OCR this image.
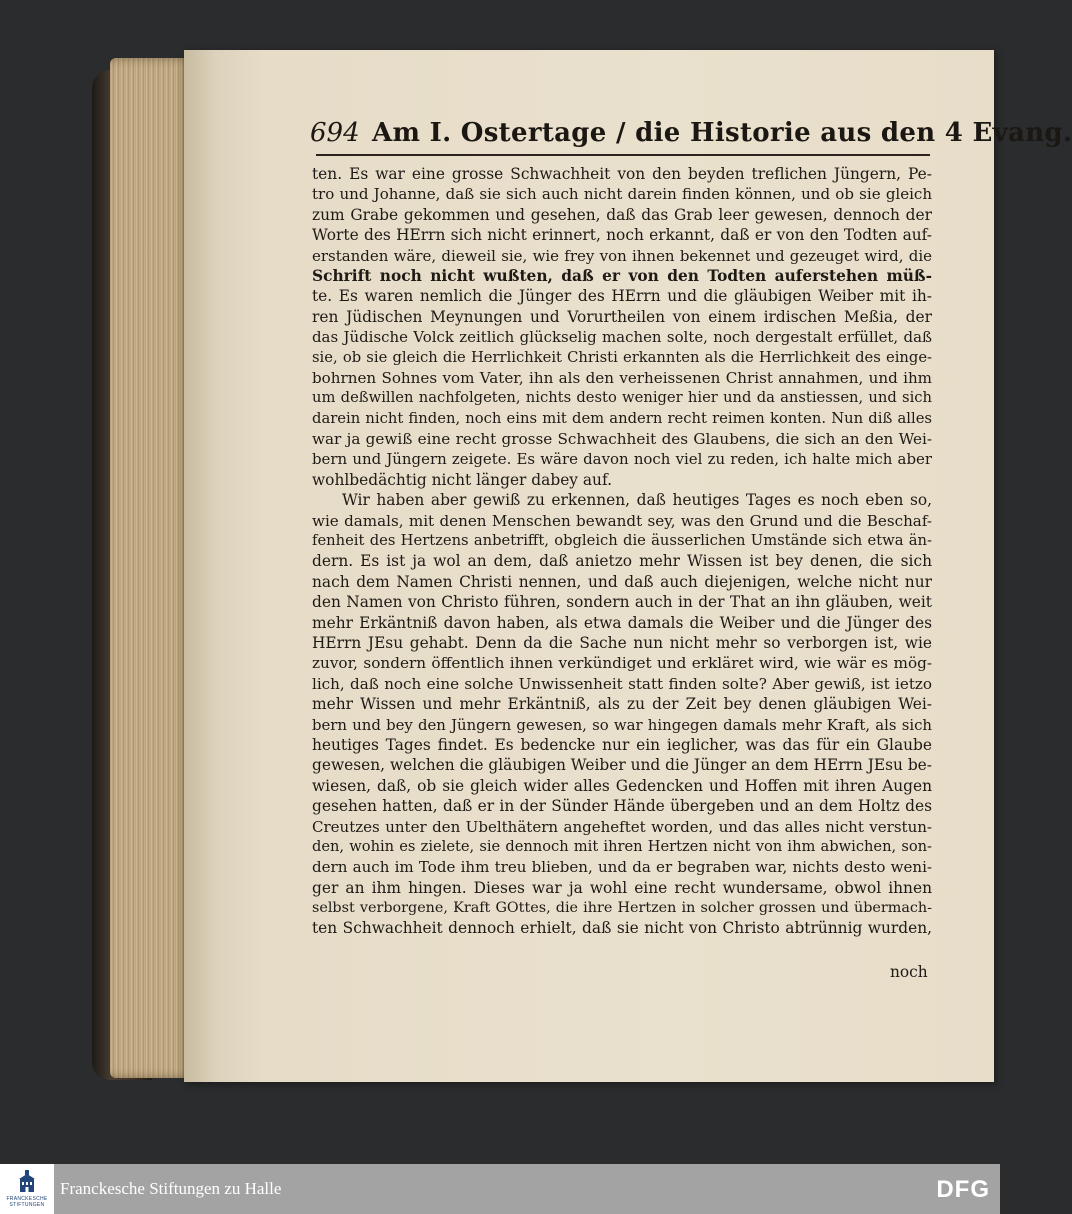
694 Am I. Ostertage / die Historie aus den 4 Evang.
ten. Es war eine grosse Schwachheit von den beyden treflichen Jüngern, Pe-
tro und Johanne, daß sie sich auch nicht darein finden können, und ob sie gleich
zum Grabe gekommen und gesehen, daß das Grab leer gewesen, dennoch der
Worte des HErrn sich nicht erinnert, noch erkannt, daß er von den Todten auf-
erstanden wäre, dieweil sie, wie frey von ihnen bekennet und gezeuget wird, die
Schrift noch nicht wußten, daß er von den Todten auferstehen müß-
te. Es waren nemlich die Jünger des HErrn und die gläubigen Weiber mit ih-
ren Jüdischen Meynungen und Vorurtheilen von einem irdischen Meßia, der
das Jüdische Volck zeitlich glückselig machen solte, noch dergestalt erfüllet, daß
sie, ob sie gleich die Herrlichkeit Christi erkannten als die Herrlichkeit des einge-
bohrnen Sohnes vom Vater, ihn als den verheissenen Christ annahmen, und ihm
um deßwillen nachfolgeten, nichts desto weniger hier und da anstiessen, und sich
darein nicht finden, noch eins mit dem andern recht reimen konten. Nun diß alles
war ja gewiß eine recht grosse Schwachheit des Glaubens, die sich an den Wei-
bern und Jüngern zeigete. Es wäre davon noch viel zu reden, ich halte mich aber
wohlbedächtig nicht länger dabey auf.
Wir haben aber gewiß zu erkennen, daß heutiges Tages es noch eben so,
wie damals, mit denen Menschen bewandt sey, was den Grund und die Beschaf-
fenheit des Hertzens anbetrifft, obgleich die äusserlichen Umstände sich etwa än-
dern. Es ist ja wol an dem, daß anietzo mehr Wissen ist bey denen, die sich
nach dem Namen Christi nennen, und daß auch diejenigen, welche nicht nur
den Namen von Christo führen, sondern auch in der That an ihn gläuben, weit
mehr Erkäntniß davon haben, als etwa damals die Weiber und die Jünger des
HErrn JEsu gehabt. Denn da die Sache nun nicht mehr so verborgen ist, wie
zuvor, sondern öffentlich ihnen verkündiget und erkläret wird, wie wär es mög-
lich, daß noch eine solche Unwissenheit statt finden solte? Aber gewiß, ist ietzo
mehr Wissen und mehr Erkäntniß, als zu der Zeit bey denen gläubigen Wei-
bern und bey den Jüngern gewesen, so war hingegen damals mehr Kraft, als sich
heutiges Tages findet. Es bedencke nur ein ieglicher, was das für ein Glaube
gewesen, welchen die gläubigen Weiber und die Jünger an dem HErrn JEsu be-
wiesen, daß, ob sie gleich wider alles Gedencken und Hoffen mit ihren Augen
gesehen hatten, daß er in der Sünder Hände übergeben und an dem Holtz des
Creutzes unter den Ubelthätern angeheftet worden, und das alles nicht verstun-
den, wohin es zielete, sie dennoch mit ihren Hertzen nicht von ihm abwichen, son-
dern auch im Tode ihm treu blieben, und da er begraben war, nichts desto weni-
ger an ihm hingen. Dieses war ja wohl eine recht wundersame, obwol ihnen
selbst verborgene, Kraft GOttes, die ihre Hertzen in solcher grossen und übermach-
ten Schwachheit dennoch erhielt, daß sie nicht von Christo abtrünnig wurden,
noch
FRANCKESCHE STIFTUNGEN
Franckesche Stiftungen zu Halle	DFG
